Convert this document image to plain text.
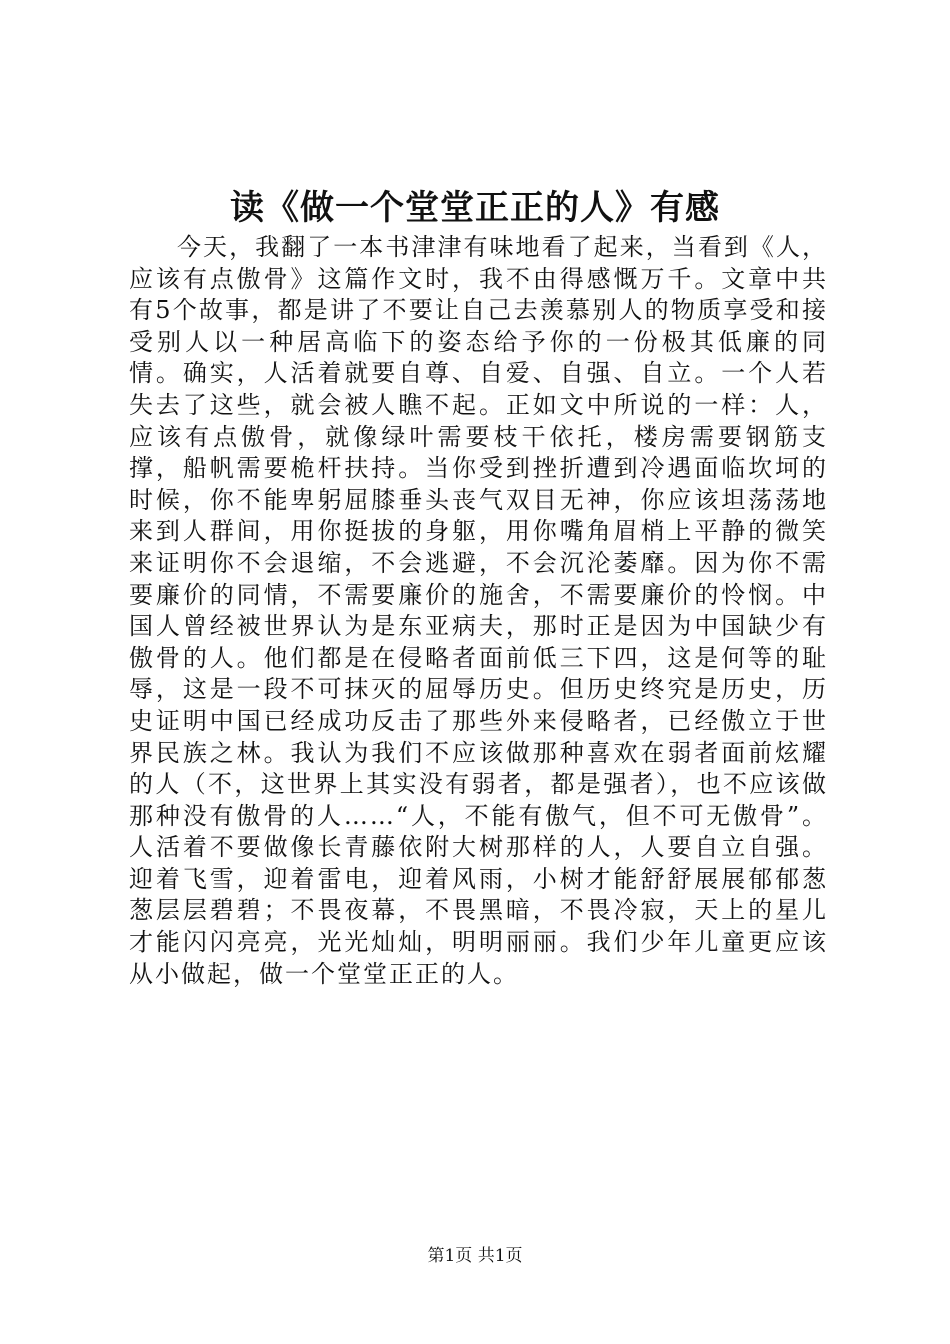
读《做一个堂堂正正的人》有感

今天，我翻了一本书津津有味地看了起来，当看到《人，应该有点傲骨》这篇作文时，我不由得感慨万千。文章中共有5个故事，都是讲了不要让自己去羡慕别人的物质享受和接受别人以一种居高临下的姿态给予你的一份极其低廉的同情。确实，人活着就要自尊、自爱、自强、自立。一个人若失去了这些，就会被人瞧不起。正如文中所说的一样：人，应该有点傲骨，就像绿叶需要枝干依托，楼房需要钢筋支撑，船帆需要桅杆扶持。当你受到挫折遭到冷遇面临坎坷的时候，你不能卑躬屈膝垂头丧气双目无神，你应该坦荡荡地来到人群间，用你挺拔的身躯，用你嘴角眉梢上平静的微笑来证明你不会退缩，不会逃避，不会沉沦萎靡。因为你不需要廉价的同情，不需要廉价的施舍，不需要廉价的怜悯。中国人曾经被世界认为是东亚病夫，那时正是因为中国缺少有傲骨的人。他们都是在侵略者面前低三下四，这是何等的耻辱，这是一段不可抹灭的屈辱历史。但历史终究是历史，历史证明中国已经成功反击了那些外来侵略者，已经傲立于世界民族之林。我认为我们不应该做那种喜欢在弱者面前炫耀的人（不，这世界上其实没有弱者，都是强者），也不应该做那种没有傲骨的人……“人，不能有傲气，但不可无傲骨”。人活着不要做像长青藤依附大树那样的人，人要自立自强。迎着飞雪，迎着雷电，迎着风雨，小树才能舒舒展展郁郁葱葱层层碧碧；不畏夜幕，不畏黑暗，不畏冷寂，天上的星儿才能闪闪亮亮，光光灿灿，明明丽丽。我们少年儿童更应该从小做起，做一个堂堂正正的人。

第1页 共1页
